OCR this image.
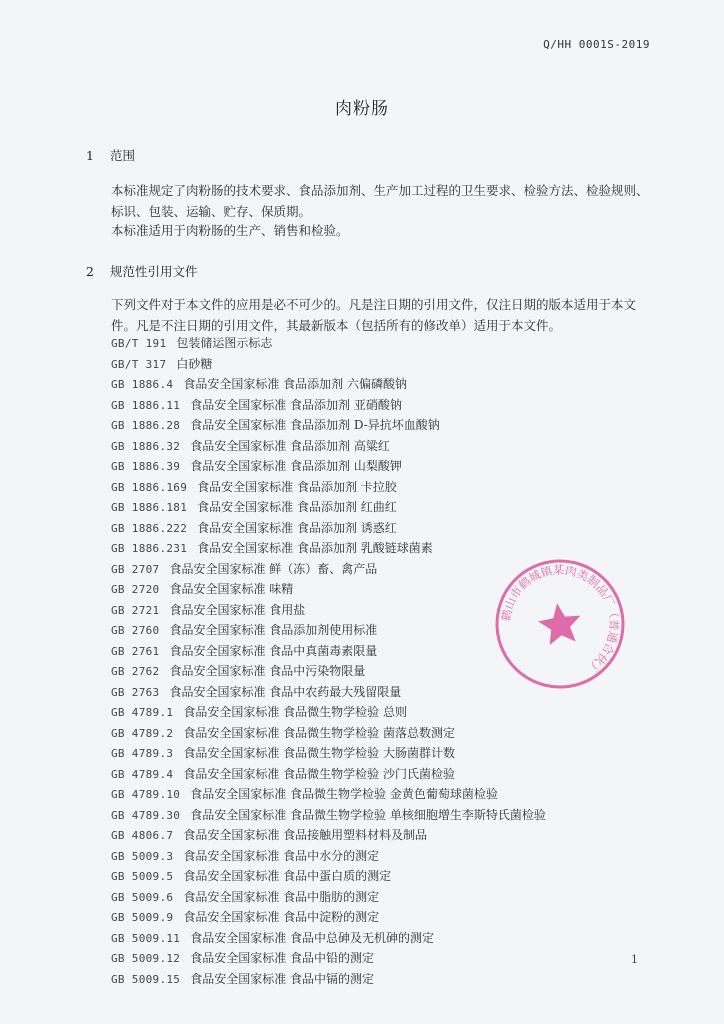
Q/HH 0001S-2019
肉粉肠
1 范围
本标准规定了肉粉肠的技术要求、食品添加剂、生产加工过程的卫生要求、检验方法、检验规则、标识、包装、运输、贮存、保质期。
本标准适用于肉粉肠的生产、销售和检验。
2 规范性引用文件
下列文件对于本文件的应用是必不可少的。凡是注日期的引用文件，仅注日期的版本适用于本文件。凡是不注日期的引用文件，其最新版本（包括所有的修改单）适用于本文件。
GB/T 191 包装储运图示标志
GB/T 317 白砂糖
GB 1886.4 食品安全国家标准 食品添加剂 六偏磷酸钠
GB 1886.11 食品安全国家标准 食品添加剂 亚硝酸钠
GB 1886.28 食品安全国家标准 食品添加剂 D-异抗坏血酸钠
GB 1886.32 食品安全国家标准 食品添加剂 高粱红
GB 1886.39 食品安全国家标准 食品添加剂 山梨酸钾
GB 1886.169 食品安全国家标准 食品添加剂 卡拉胶
GB 1886.181 食品安全国家标准 食品添加剂 红曲红
GB 1886.222 食品安全国家标准 食品添加剂 诱惑红
GB 1886.231 食品安全国家标准 食品添加剂 乳酸链球菌素
GB 2707 食品安全国家标准 鲜（冻）畜、禽产品
GB 2720 食品安全国家标准 味精
GB 2721 食品安全国家标准 食用盐
GB 2760 食品安全国家标准 食品添加剂使用标准
GB 2761 食品安全国家标准 食品中真菌毒素限量
GB 2762 食品安全国家标准 食品中污染物限量
GB 2763 食品安全国家标准 食品中农药最大残留限量
GB 4789.1 食品安全国家标准 食品微生物学检验 总则
GB 4789.2 食品安全国家标准 食品微生物学检验 菌落总数测定
GB 4789.3 食品安全国家标准 食品微生物学检验 大肠菌群计数
GB 4789.4 食品安全国家标准 食品微生物学检验 沙门氏菌检验
GB 4789.10 食品安全国家标准 食品微生物学检验 金黄色葡萄球菌检验
GB 4789.30 食品安全国家标准 食品微生物学检验 单核细胞增生李斯特氏菌检验
GB 4806.7 食品安全国家标准 食品接触用塑料材料及制品
GB 5009.3 食品安全国家标准 食品中水分的测定
GB 5009.5 食品安全国家标准 食品中蛋白质的测定
GB 5009.6 食品安全国家标准 食品中脂肪的测定
GB 5009.9 食品安全国家标准 食品中淀粉的测定
GB 5009.11 食品安全国家标准 食品中总砷及无机砷的测定
GB 5009.12 食品安全国家标准 食品中铅的测定
GB 5009.15 食品安全国家标准 食品中镉的测定
鹤山市鹤城镇某肉类制品厂（普通合伙）
1
